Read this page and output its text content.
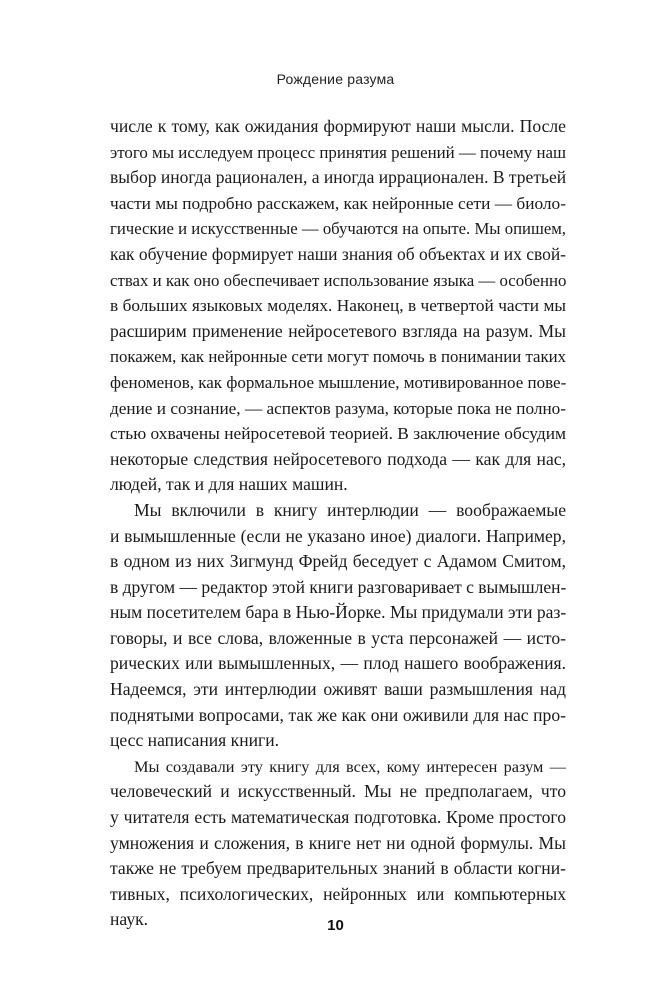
Рождение разума

числе к тому, как ожидания формируют наши мысли. После
этого мы исследуем процесс принятия решений — почему наш
выбор иногда рационален, а иногда иррационален. В третьей
части мы подробно расскажем, как нейронные сети — биоло-
гические и искусственные — обучаются на опыте. Мы опишем,
как обучение формирует наши знания об объектах и их свой-
ствах и как оно обеспечивает использование языка — особенно
в больших языковых моделях. Наконец, в четвертой части мы
расширим применение нейросетевого взгляда на разум. Мы
покажем, как нейронные сети могут помочь в понимании таких
феноменов, как формальное мышление, мотивированное пове-
дение и сознание, — аспектов разума, которые пока не полно-
стью охвачены нейросетевой теорией. В заключение обсудим
некоторые следствия нейросетевого подхода — как для нас,
людей, так и для наших машин.

Мы включили в книгу интерлюдии — воображаемые
и вымышленные (если не указано иное) диалоги. Например,
в одном из них Зигмунд Фрейд беседует с Адамом Смитом,
в другом — редактор этой книги разговаривает с вымышлен-
ным посетителем бара в Нью-Йорке. Мы придумали эти раз-
говоры, и все слова, вложенные в уста персонажей — исто-
рических или вымышленных, — плод нашего воображения.
Надеемся, эти интерлюдии оживят ваши размышления над
поднятыми вопросами, так же как они оживили для нас про-
цесс написания книги.

Мы создавали эту книгу для всех, кому интересен разум —
человеческий и искусственный. Мы не предполагаем, что
у читателя есть математическая подготовка. Кроме простого
умножения и сложения, в книге нет ни одной формулы. Мы
также не требуем предварительных знаний в области когни-
тивных, психологических, нейронных или компьютерных
наук.	10
